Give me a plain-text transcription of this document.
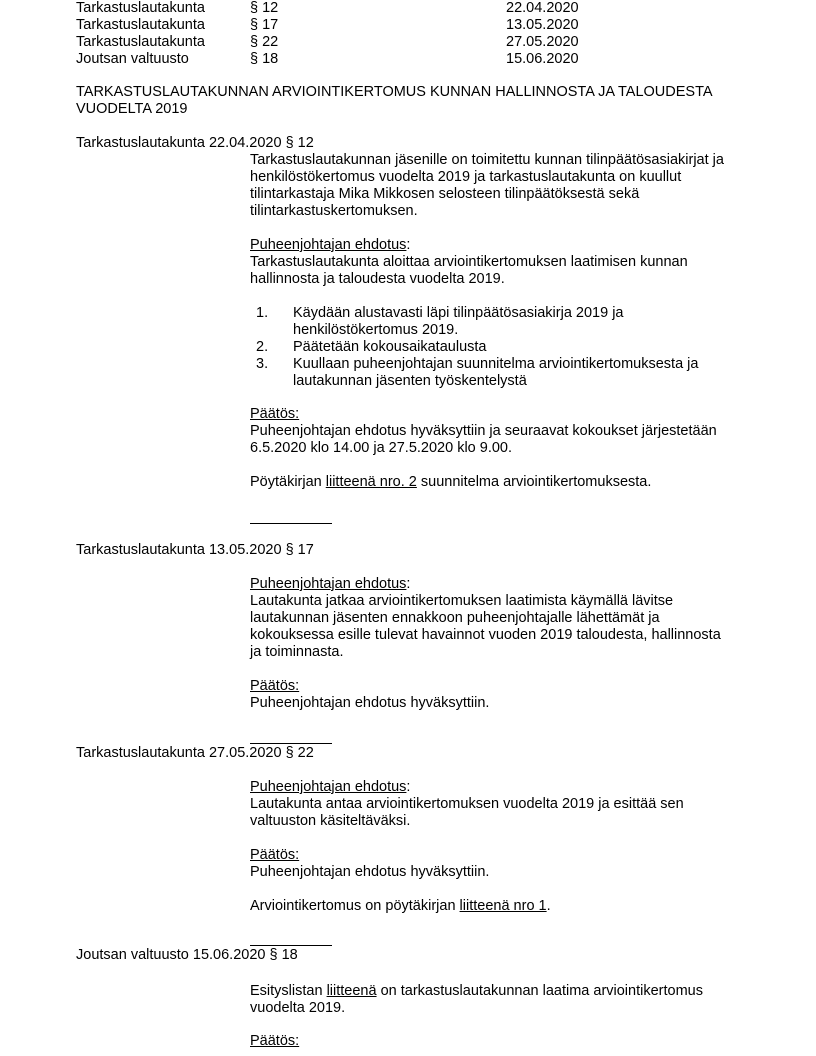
Tarkastuslautakunta	§ 12	22.04.2020
Tarkastuslautakunta	§ 17	13.05.2020
Tarkastuslautakunta	§ 22	27.05.2020
Joutsan valtuusto	§ 18	15.06.2020
TARKASTUSLAUTAKUNNAN ARVIOINTIKERTOMUS KUNNAN HALLINNOSTA JA TALOUDESTA
VUODELTA 2019
Tarkastuslautakunta 22.04.2020 § 12

Tarkastuslautakunnan jäsenille on toimitettu kunnan tilinpäätösasiakirjat ja

henkilöstökertomus vuodelta 2019 ja tarkastuslautakunta on kuullut

tilintarkastaja Mika Mikkosen selosteen tilinpäätöksestä sekä

tilintarkastuskertomuksen.

Puheenjohtajan ehdotus:

Tarkastuslautakunta aloittaa arviointikertomuksen laatimisen kunnan

hallinnosta ja taloudesta vuodelta 2019.

1. Käydään alustavasti läpi tilinpäätösasiakirja 2019 ja

henkilöstökertomus 2019.

2. Päätetään kokousaikataulusta

3. Kuullaan puheenjohtajan suunnitelma arviointikertomuksesta ja

lautakunnan jäsenten työskentelystä

Päätös:

Puheenjohtajan ehdotus hyväksyttiin ja seuraavat kokoukset järjestetään

6.5.2020 klo 14.00 ja 27.5.2020 klo 9.00.

Pöytäkirjan liitteenä nro. 2 suunnitelma arviointikertomuksesta.
Tarkastuslautakunta 13.05.2020 § 17

Puheenjohtajan ehdotus:

Lautakunta jatkaa arviointikertomuksen laatimista käymällä lävitse

lautakunnan jäsenten ennakkoon puheenjohtajalle lähettämät ja

kokouksessa esille tulevat havainnot vuoden 2019 taloudesta, hallinnosta

ja toiminnasta.

Päätös:

Puheenjohtajan ehdotus hyväksyttiin.

Tarkastuslautakunta 27.05.2020 § 22

Puheenjohtajan ehdotus:

Lautakunta antaa arviointikertomuksen vuodelta 2019 ja esittää sen

valtuuston käsiteltäväksi.

Päätös:

Puheenjohtajan ehdotus hyväksyttiin.

Arviointikertomus on pöytäkirjan liitteenä nro 1.
Joutsan valtuusto 15.06.2020 § 18

Esityslistan liitteenä on tarkastuslautakunnan laatima arviointikertomus

vuodelta 2019.

Päätös:
